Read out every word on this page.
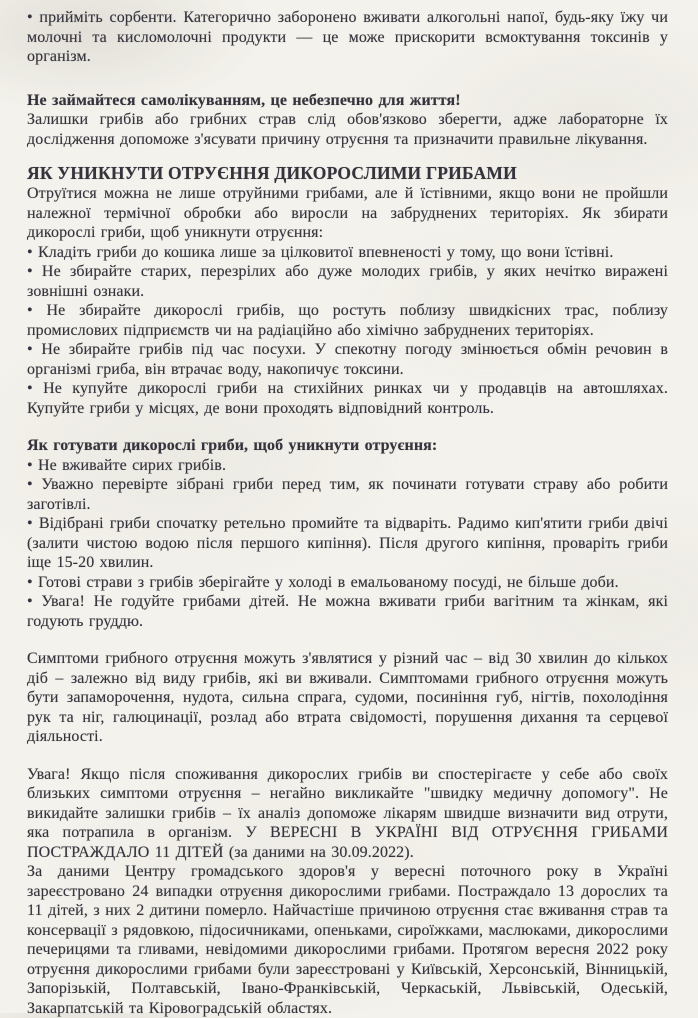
• прийміть сорбенти. Категорично заборонено вживати алкогольні напої, будь-яку їжу чи молочні та кисломолочні продукти — це може прискорити всмоктування токсинів у організм.

Не займайтеся самолікуванням, це небезпечно для життя!

Залишки грибів або грибних страв слід обов'язково зберегти, адже лабораторне їх дослідження допоможе з'ясувати причину отруєння та призначити правильне лікування.

ЯК УНИКНУТИ ОТРУЄННЯ ДИКОРОСЛИМИ ГРИБАМИ

Отруїтися можна не лише отруйними грибами, але й їстівними, якщо вони не пройшли належної термічної обробки або виросли на забруднених територіях. Як збирати дикорослі гриби, щоб уникнути отруєння:

• Кладіть гриби до кошика лише за цілковитої впевненості у тому, що вони їстівні.

• Не збирайте старих, перезрілих або дуже молодих грибів, у яких нечітко виражені зовнішні ознаки.

• Не збирайте дикорослі грибів, що ростуть поблизу швидкісних трас, поблизу промислових підприємств чи на радіаційно або хімічно забруднених територіях.

• Не збирайте грибів під час посухи. У спекотну погоду змінюється обмін речовин в організмі гриба, він втрачає воду, накопичує токсини.

• Не купуйте дикорослі гриби на стихійних ринках чи у продавців на автошляхах. Купуйте гриби у місцях, де вони проходять відповідний контроль.

Як готувати дикорослі гриби, щоб уникнути отруєння:

• Не вживайте сирих грибів.

• Уважно перевірте зібрані гриби перед тим, як починати готувати страву або робити заготівлі.

• Відібрані гриби спочатку ретельно промийте та відваріть. Радимо кип'ятити гриби двічі (залити чистою водою після першого кипіння). Після другого кипіння, проваріть гриби іще 15-20 хвилин.

• Готові страви з грибів зберігайте у холоді в емальованому посуді, не більше доби.

• Увага! Не годуйте грибами дітей. Не можна вживати гриби вагітним та жінкам, які годують груддю.

Симптоми грибного отруєння можуть з'являтися у різний час – від 30 хвилин до кількох діб – залежно від виду грибів, які ви вживали. Симптомами грибного отруєння можуть бути запаморочення, нудота, сильна спрага, судоми, посиніння губ, нігтів, похолодіння рук та ніг, галюцинації, розлад або втрата свідомості, порушення дихання та серцевої діяльності.

Увага! Якщо після споживання дикорослих грибів ви спостерігаєте у себе або своїх близьких симптоми отруєння – негайно викликайте "швидку медичну допомогу". Не викидайте залишки грибів – їх аналіз допоможе лікарям швидше визначити вид отрути, яка потрапила в організм. У ВЕРЕСНІ В УКРАЇНІ ВІД ОТРУЄННЯ ГРИБАМИ ПОСТРАЖДАЛО 11 ДІТЕЙ (за даними на 30.09.2022).

За даними Центру громадського здоров'я у вересні поточного року в Україні зареєстровано 24 випадки отруєння дикорослими грибами. Постраждало 13 дорослих та 11 дітей, з них 2 дитини померло. Найчастіше причиною отруєння стає вживання страв та консервації з рядовкою, підосичниками, опеньками, сироїжками, маслюками, дикорослими печерицями та гливами, невідомими дикорослими грибами. Протягом вересня 2022 року отруєння дикорослими грибами були зареєстровані у Київській, Херсонській, Вінницькій, Запорізькій, Полтавській, Івано-Франківській, Черкаській, Львівській, Одеській, Закарпатській та Кіровоградській областях.
